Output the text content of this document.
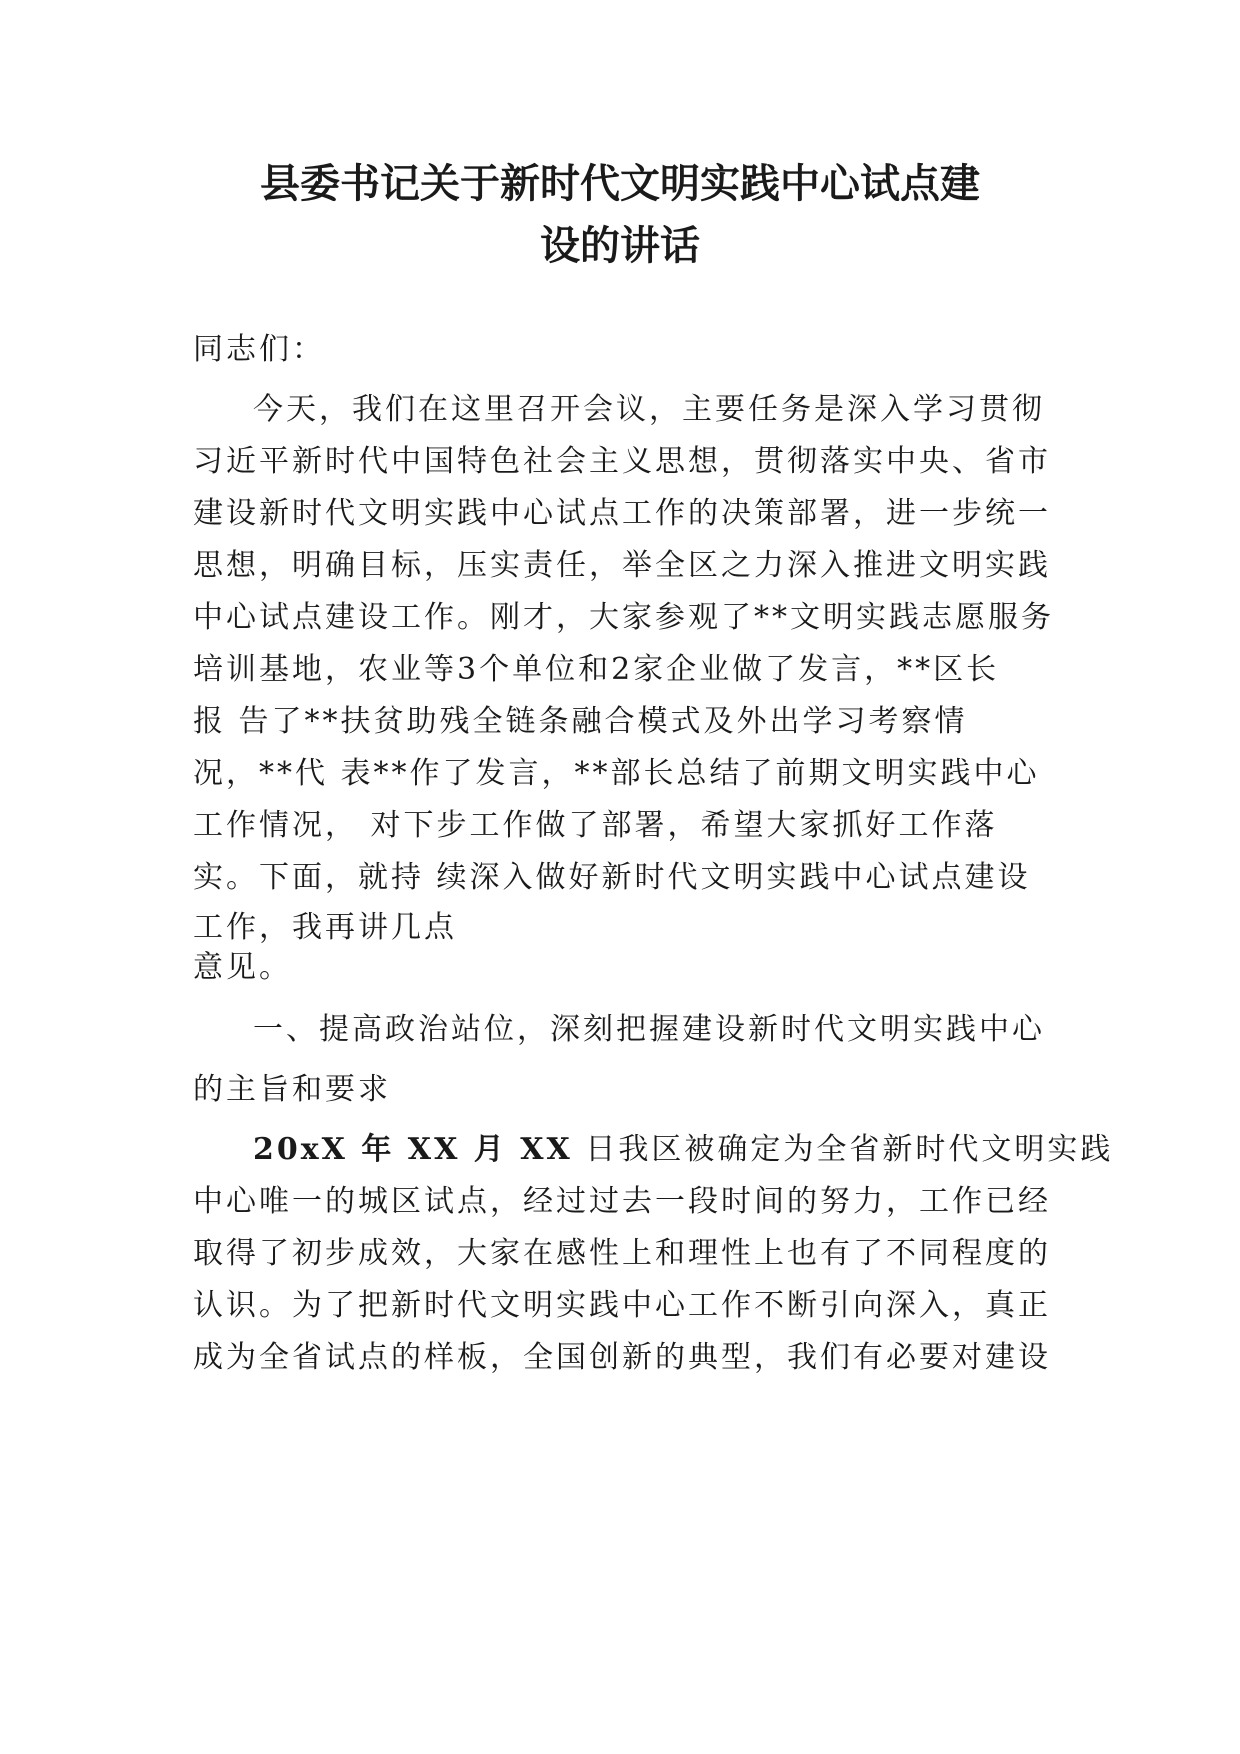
县委书记关于新时代文明实践中心试点建
设的讲话

同志们：

今天，我们在这里召开会议，主要任务是深入学习贯彻

习近平新时代中国特色社会主义思想，贯彻落实中央、省市

建设新时代文明实践中心试点工作的决策部署，进一步统一

思想，明确目标，压实责任，举全区之力深入推进文明实践

中心试点建设工作。刚才，大家参观了**文明实践志愿服务

培训基地，农业等3个单位和2家企业做了发言，**区长

报 告了**扶贫助残全链条融合模式及外出学习考察情

况，**代 表**作了发言，**部长总结了前期文明实践中心

工作情况， 对下步工作做了部署，希望大家抓好工作落

实。下面，就持 续深入做好新时代文明实践中心试点建设

工作，我再讲几点

意见。

一、提高政治站位，深刻把握建设新时代文明实践中心

的主旨和要求

20xX 年 XX 月 XX 日我区被确定为全省新时代文明实践

中心唯一的城区试点，经过过去一段时间的努力，工作已经

取得了初步成效，大家在感性上和理性上也有了不同程度的

认识。为了把新时代文明实践中心工作不断引向深入，真正

成为全省试点的样板，全国创新的典型，我们有必要对建设
